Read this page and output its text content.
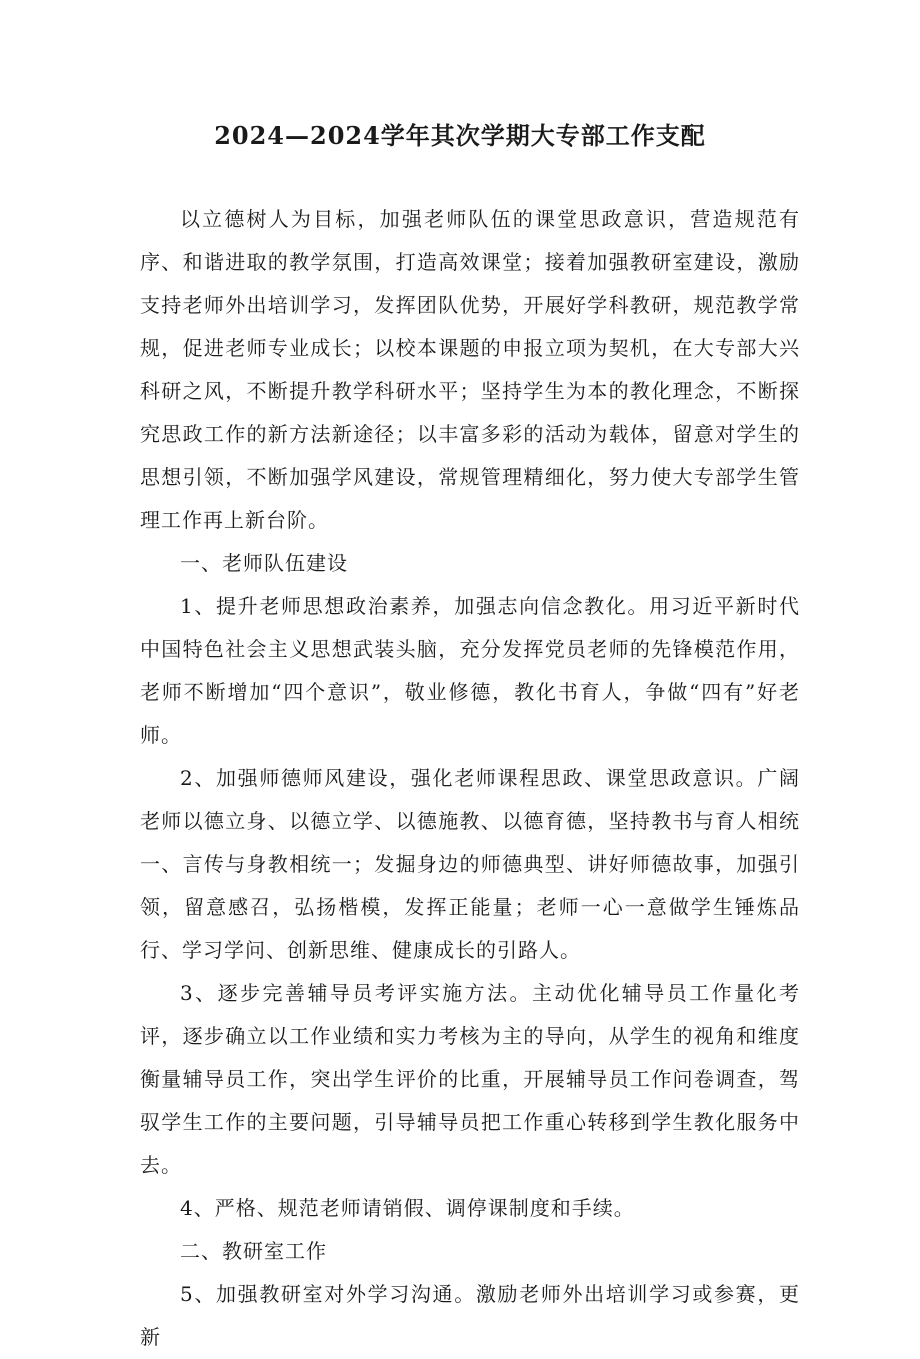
2024—2024学年其次学期大专部工作支配

以立德树人为目标，加强老师队伍的课堂思政意识，营造规范有序、和谐进取的教学氛围，打造高效课堂；接着加强教研室建设，激励支持老师外出培训学习，发挥团队优势，开展好学科教研，规范教学常规，促进老师专业成长；以校本课题的申报立项为契机，在大专部大兴科研之风，不断提升教学科研水平；坚持学生为本的教化理念，不断探究思政工作的新方法新途径；以丰富多彩的活动为载体，留意对学生的思想引领，不断加强学风建设，常规管理精细化，努力使大专部学生管理工作再上新台阶。

一、老师队伍建设

1、提升老师思想政治素养，加强志向信念教化。用习近平新时代中国特色社会主义思想武装头脑，充分发挥党员老师的先锋模范作用，老师不断增加“四个意识”，敬业修德，教化书育人，争做“四有”好老师。

2、加强师德师风建设，强化老师课程思政、课堂思政意识。广阔老师以德立身、以德立学、以德施教、以德育德，坚持教书与育人相统一、言传与身教相统一；发掘身边的师德典型、讲好师德故事，加强引领，留意感召，弘扬楷模，发挥正能量；老师一心一意做学生锤炼品行、学习学问、创新思维、健康成长的引路人。

3、逐步完善辅导员考评实施方法。主动优化辅导员工作量化考评，逐步确立以工作业绩和实力考核为主的导向，从学生的视角和维度衡量辅导员工作，突出学生评价的比重，开展辅导员工作问卷调查，驾驭学生工作的主要问题，引导辅导员把工作重心转移到学生教化服务中去。

4、严格、规范老师请销假、调停课制度和手续。

二、教研室工作

5、加强教研室对外学习沟通。激励老师外出培训学习或参赛，更新
